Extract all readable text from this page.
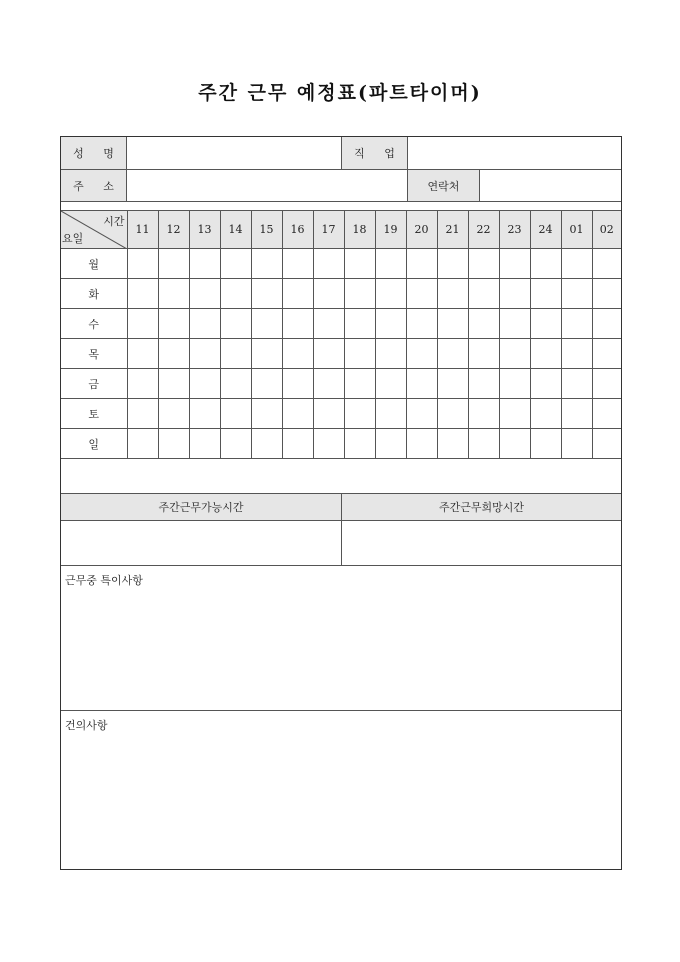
주간 근무 예정표(파트타이머)
성 명	직 업
주 소	연락처
시간
요일	11	12	13	14	15	16	17	18	19	20	21	22	23	24	01	02
월																
화																
수																
목																
금																
토																
일																
주간근무가능시간	주간근무희망시간
근무중 특이사항
건의사항
